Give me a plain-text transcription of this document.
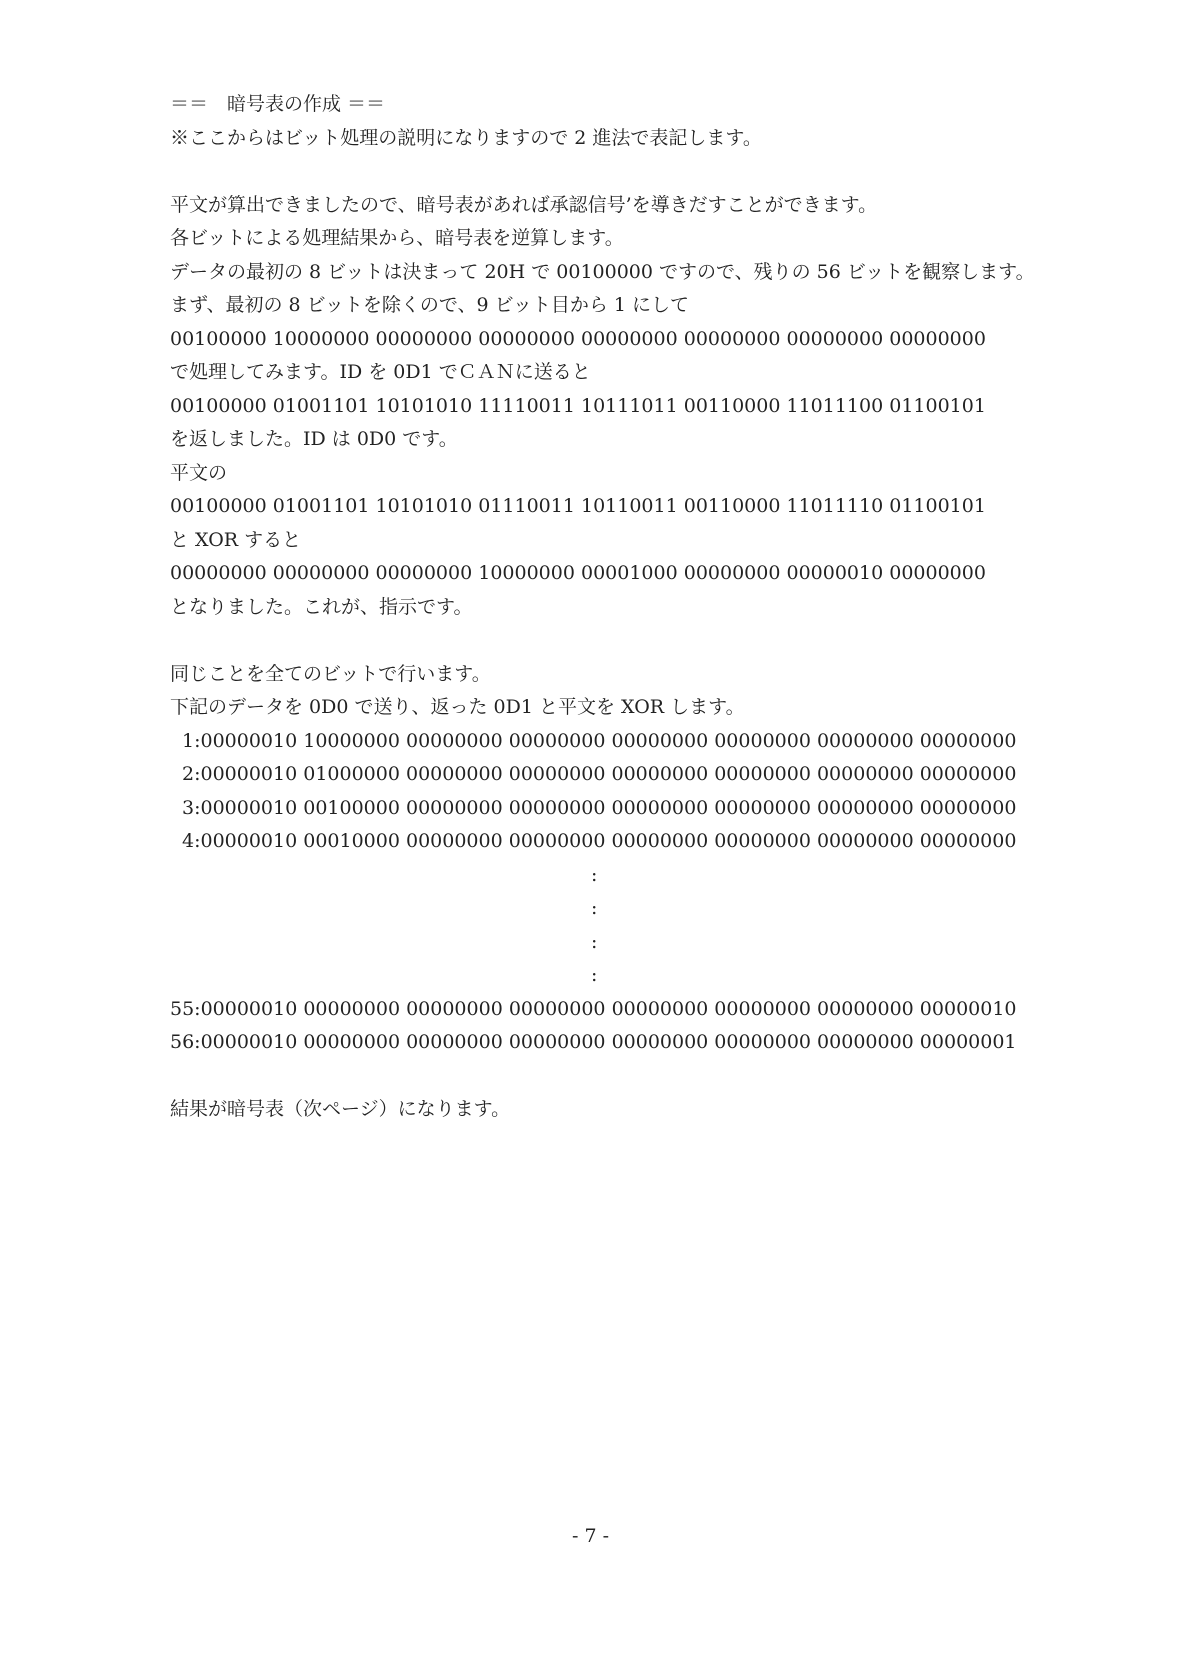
＝＝　暗号表の作成 ＝＝
※ここからはビット処理の説明になりますので 2 進法で表記します。
平文が算出できましたので、暗号表があれば承認信号’を導きだすことができます。
各ビットによる処理結果から、暗号表を逆算します。
データの最初の 8 ビットは決まって 20H で 00100000 ですので、残りの 56 ビットを観察します。
まず、最初の 8 ビットを除くので、9 ビット目から 1 にして
00100000 10000000 00000000 00000000 00000000 00000000 00000000 00000000
で処理してみます。ID を 0D1 でＣＡＮに送ると
00100000 01001101 10101010 11110011 10111011 00110000 11011100 01100101
を返しました。ID は 0D0 です。
平文の
00100000 01001101 10101010 01110011 10110011 00110000 11011110 01100101
と XOR すると
00000000 00000000 00000000 10000000 00001000 00000000 00000010 00000000
となりました。これが、指示です。
同じことを全てのビットで行います。
下記のデータを 0D0 で送り、返った 0D1 と平文を XOR します。
1:00000010 10000000 00000000 00000000 00000000 00000000 00000000 00000000
2:00000010 01000000 00000000 00000000 00000000 00000000 00000000 00000000
3:00000010 00100000 00000000 00000000 00000000 00000000 00000000 00000000
4:00000010 00010000 00000000 00000000 00000000 00000000 00000000 00000000
:
:
:
:
55:00000010 00000000 00000000 00000000 00000000 00000000 00000000 00000010
56:00000010 00000000 00000000 00000000 00000000 00000000 00000000 00000001
結果が暗号表（次ページ）になります。
- 7 -
